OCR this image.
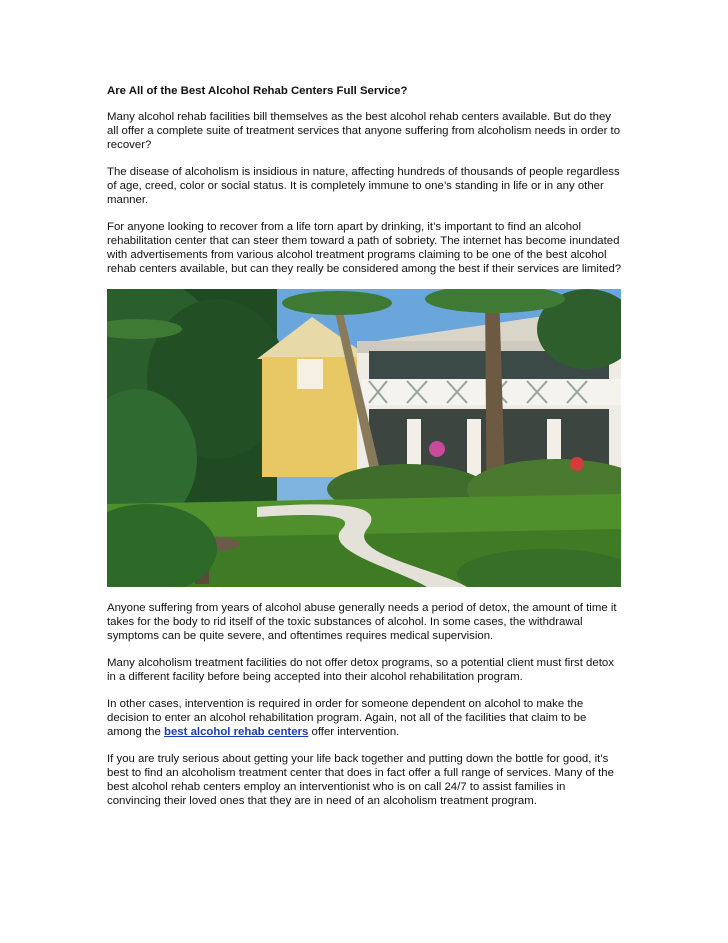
Are All of the Best Alcohol Rehab Centers Full Service?

Many alcohol rehab facilities bill themselves as the best alcohol rehab centers available. But do they all offer a complete suite of treatment services that anyone suffering from alcoholism needs in order to recover?

The disease of alcoholism is insidious in nature, affecting hundreds of thousands of people regardless of age, creed, color or social status. It is completely immune to one’s standing in life or in any other manner.

For anyone looking to recover from a life torn apart by drinking, it’s important to find an alcohol rehabilitation center that can steer them toward a path of sobriety. The internet has become inundated with advertisements from various alcohol treatment programs claiming to be one of the best alcohol rehab centers available, but can they really be considered among the best if their services are limited?

Anyone suffering from years of alcohol abuse generally needs a period of detox, the amount of time it takes for the body to rid itself of the toxic substances of alcohol. In some cases, the withdrawal symptoms can be quite severe, and oftentimes requires medical supervision.

Many alcoholism treatment facilities do not offer detox programs, so a potential client must first detox in a different facility before being accepted into their alcohol rehabilitation program.

In other cases, intervention is required in order for someone dependent on alcohol to make the decision to enter an alcohol rehabilitation program. Again, not all of the facilities that claim to be among the best alcohol rehab centers offer intervention.

If you are truly serious about getting your life back together and putting down the bottle for good, it’s best to find an alcoholism treatment center that does in fact offer a full range of services. Many of the best alcohol rehab centers employ an interventionist who is on call 24/7 to assist families in convincing their loved ones that they are in need of an alcoholism treatment program.
